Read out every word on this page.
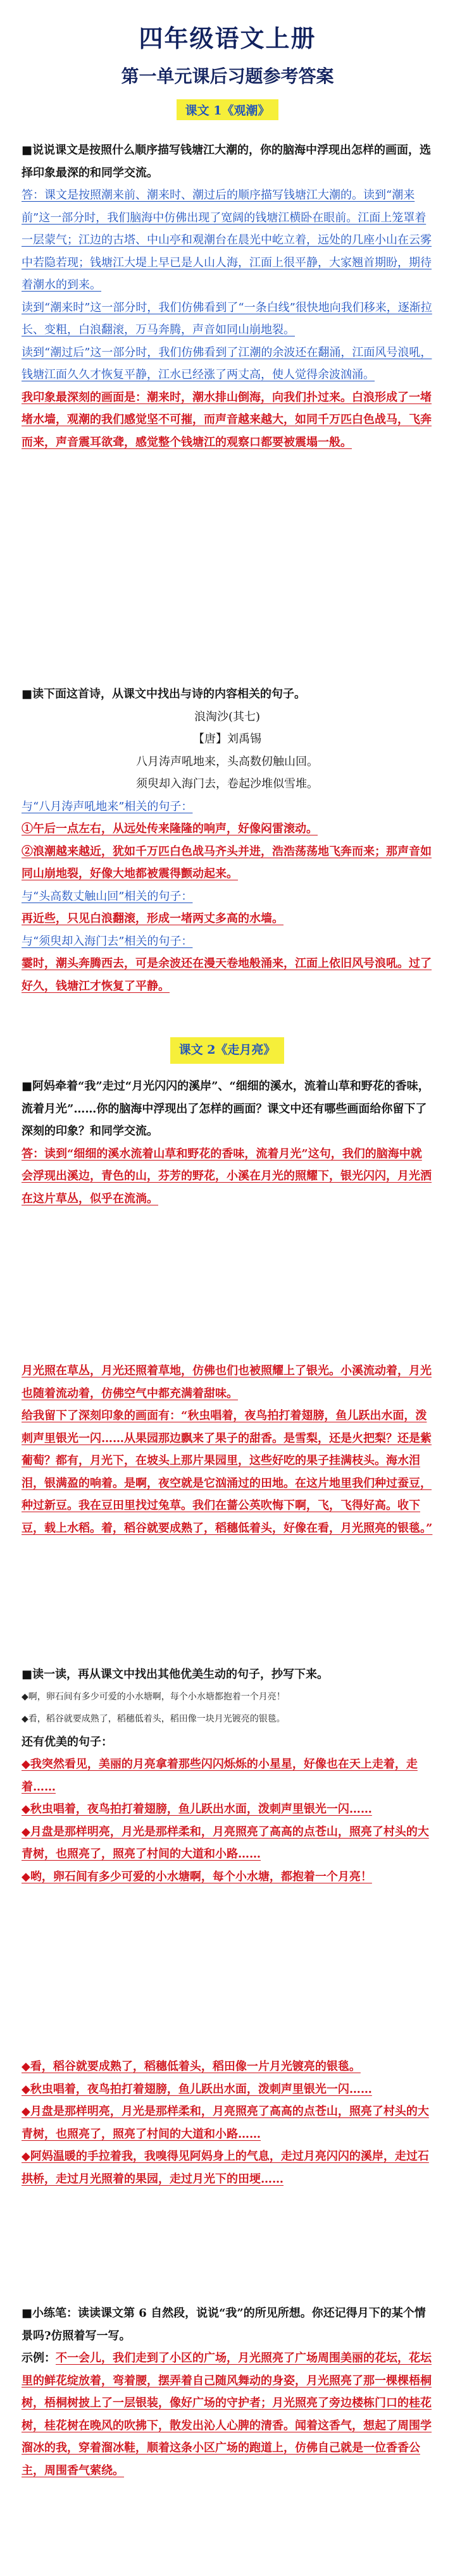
四年级语文上册
第一单元课后习题参考答案
课文 1《观潮》
■说说课文是按照什么顺序描写钱塘江大潮的，你的脑海中浮现出怎样的画面，选择印象最深的和同学交流。
答：课文是按照潮来前、潮来时、潮过后的顺序描写钱塘江大潮的。读到“潮来前”这一部分时，我们脑海中仿佛出现了宽阔的钱塘江横卧在眼前。江面上笼罩着一层蒙气；江边的古塔、中山亭和观潮台在晨光中屹立着，远处的几座小山在云雾中若隐若现；钱塘江大堤上早已是人山人海，江面上很平静，大家翘首期盼，期待着潮水的到来。
读到“潮来时”这一部分时，我们仿佛看到了“一条白线”很快地向我们移来，逐渐拉长、变粗，白浪翻滚，万马奔腾，声音如同山崩地裂。
读到“潮过后”这一部分时，我们仿佛看到了江潮的余波还在翻涌，江面风号浪吼，钱塘江面久久才恢复平静，江水已经涨了两丈高，使人觉得余波汹涌。
我印象最深刻的画面是：潮来时，潮水排山倒海，向我们扑过来。白浪形成了一堵堵水墙，观潮的我们感觉坚不可摧，而声音越来越大，如同千万匹白色战马，飞奔而来，声音震耳欲聋，感觉整个钱塘江的观察口都要被震塌一般。
■读下面这首诗，从课文中找出与诗的内容相关的句子。
浪淘沙(其七)
【唐】刘禹锡
八月涛声吼地来，头高数仞触山回。
须臾却入海门去，卷起沙堆似雪堆。
与“八月涛声吼地来”相关的句子：
①午后一点左右，从远处传来隆隆的响声，好像闷雷滚动。
②浪潮越来越近，犹如千万匹白色战马齐头并进，浩浩荡荡地飞奔而来；那声音如同山崩地裂，好像大地都被震得颤动起来。
与“头高数丈触山回”相关的句子：
再近些，只见白浪翻滚，形成一堵两丈多高的水墙。
与“须臾却入海门去”相关的句子：
霎时，潮头奔腾西去，可是余波还在漫天卷地般涌来，江面上依旧风号浪吼。过了好久，钱塘江才恢复了平静。
课文 2《走月亮》
■阿妈牵着“我”走过“月光闪闪的溪岸”、“细细的溪水，流着山草和野花的香味，流着月光”……你的脑海中浮现出了怎样的画面？课文中还有哪些画面给你留下了深刻的印象？和同学交流。
答：读到“细细的溪水流着山草和野花的香味，流着月光”这句，我们的脑海中就会浮现出溪边，青色的山，芬芳的野花，小溪在月光的照耀下，银光闪闪，月光洒在这片草丛，似乎在流淌。
月光照在草丛，月光还照着草地，仿佛也们也被照耀上了银光。小溪流动着，月光也随着流动着，仿佛空气中都充满着甜味。
给我留下了深刻印象的画面有：“秋虫唱着，夜鸟拍打着翅膀，鱼儿跃出水面，泼刺声里银光一闪……从果园那边飘来了果子的甜香。是雪梨，还是火把梨？还是紫葡萄？都有，月光下，在坡头上那片果园里，这些好吃的果子挂满枝头。海水泪泪，银满盈的响着。是啊，夜空就是它汹涌过的田地。在这片地里我们种过蚕豆，种过新豆。我在豆田里找过兔草。我们在蔷公英吹悔下啊，飞，飞得好高。收下豆，载上水稻。着，稻谷就要成熟了，稻穗低着头，好像在看，月光照亮的银毯。”
■读一读，再从课文中找出其他优美生动的句子，抄写下来。
◆啊，卵石间有多少可爱的小水塘啊，每个小水塘都抱着一个月亮！
◆看，稻谷就要成熟了，稻穗低着头，稻田像一块月光镀亮的银毯。
还有优美的句子：
◆我突然看见，美丽的月亮拿着那些闪闪烁烁的小星星，好像也在天上走着，走着……
◆秋虫唱着，夜鸟拍打着翅膀，鱼儿跃出水面，泼刺声里银光一闪……
◆月盘是那样明亮，月光是那样柔和，月亮照亮了高高的点苍山，照亮了村头的大青树，也照亮了，照亮了村间的大道和小路……
◆哟，卵石间有多少可爱的小水塘啊，每个小水塘，都抱着一个月亮！
◆看，稻谷就要成熟了，稻穗低着头，稻田像一片月光镀亮的银毯。
◆秋虫唱着，夜鸟拍打着翅膀，鱼儿跃出水面，泼刺声里银光一闪……
◆月盘是那样明亮，月光是那样柔和，月亮照亮了高高的点苍山，照亮了村头的大青树，也照亮了，照亮了村间的大道和小路……
◆阿妈温暖的手拉着我，我嗅得见阿妈身上的气息，走过月亮闪闪的溪岸，走过石拱桥，走过月光照着的果园，走过月光下的田埂……
■小练笔：读读课文第 6 自然段，说说“我”的所见所想。你还记得月下的某个情景吗?仿照着写一写。
示例：不一会儿，我们走到了小区的广场，月光照亮了广场周围美丽的花坛，花坛里的鲜花绽放着，弯着腰，摆弄着自己随风舞动的身姿，月光照亮了那一棵棵梧桐树，梧桐树披上了一层银装，像好广场的守护者；月光照亮了旁边楼栋门口的桂花树，桂花树在晚风的吹拂下，散发出沁人心脾的清香。闻着这香气，想起了周围学溜冰的我，穿着溜冰鞋，顺着这条小区广场的跑道上，仿佛自己就是一位香香公主，周围香气萦绕。
